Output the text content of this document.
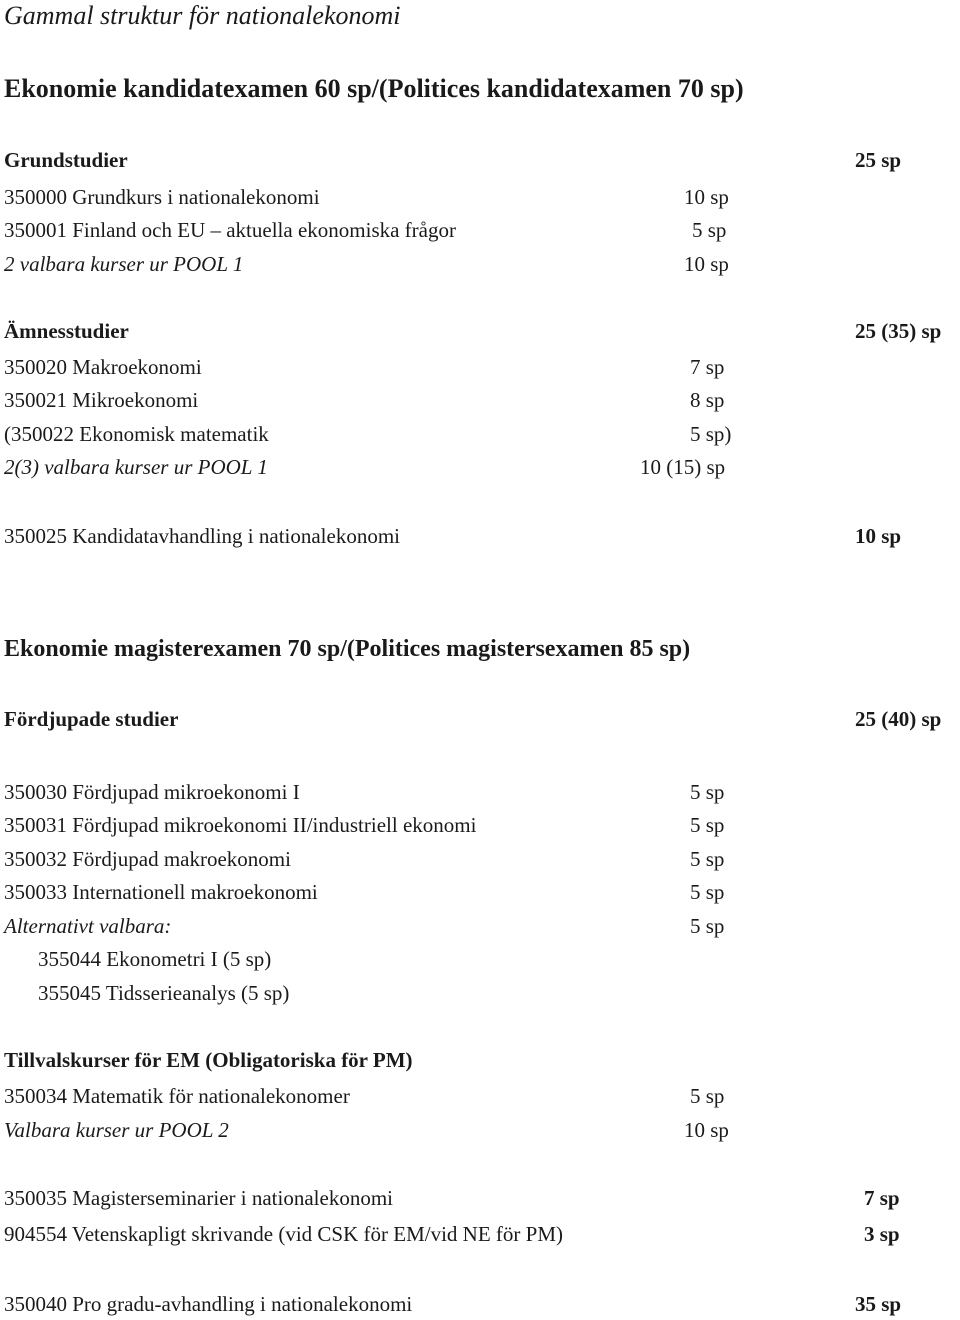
Gammal struktur för nationalekonomi
Ekonomie kandidatexamen 60 sp/(Politices kandidatexamen 70 sp)
Grundstudier	25 sp
350000 Grundkurs i nationalekonomi	10 sp
350001 Finland och EU – aktuella ekonomiska frågor	5 sp
2 valbara kurser ur POOL 1	10 sp
Ämnesstudier	25 (35) sp
350020 Makroekonomi	7 sp
350021 Mikroekonomi	8 sp
(350022 Ekonomisk matematik	5 sp)
2(3) valbara kurser ur POOL 1	10 (15) sp
350025 Kandidatavhandling i nationalekonomi	10 sp
Ekonomie magisterexamen 70 sp/(Politices magistersexamen 85 sp)
Fördjupade studier	25 (40) sp
350030 Fördjupad mikroekonomi I	5 sp
350031 Fördjupad mikroekonomi II/industriell ekonomi	5 sp
350032 Fördjupad makroekonomi	5 sp
350033 Internationell makroekonomi	5 sp
Alternativt valbara:	5 sp
355044 Ekonometri I (5 sp)
355045 Tidsserieanalys (5 sp)
Tillvalskurser för EM (Obligatoriska för PM)
350034 Matematik för nationalekonomer	5 sp
Valbara kurser ur POOL 2	10 sp
350035 Magisterseminarier i nationalekonomi	7 sp
904554 Vetenskapligt skrivande (vid CSK för EM/vid NE för PM)	3 sp
350040 Pro gradu-avhandling i nationalekonomi	35 sp
